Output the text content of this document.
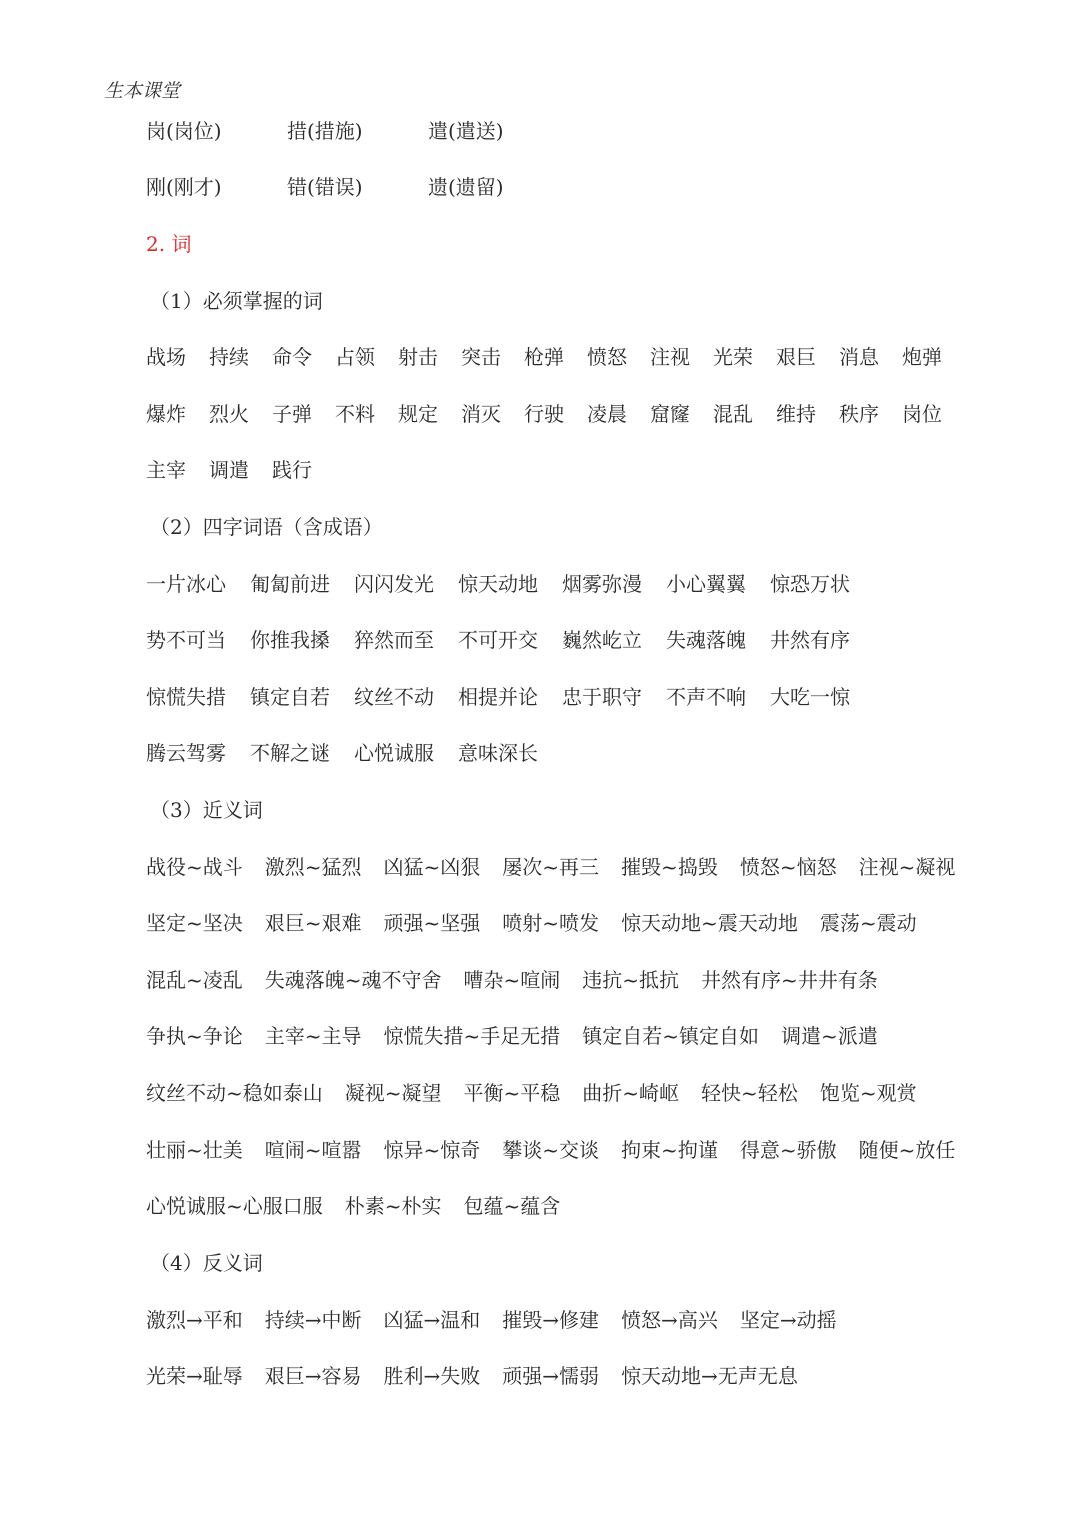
生本课堂
岗(岗位)	措(措施)	遣(遣送)
刚(刚才)	错(错误)	遗(遗留)
2. 词
（1）必须掌握的词
战场 持续 命令 占领 射击 突击 枪弹 愤怒 注视 光荣 艰巨 消息 炮弹
爆炸 烈火 子弹 不料 规定 消灭 行驶 凌晨 窟窿 混乱 维持 秩序 岗位
主宰 调遣 践行
（2）四字词语（含成语）
一片冰心 匍匐前进 闪闪发光 惊天动地 烟雾弥漫 小心翼翼 惊恐万状
势不可当 你推我搡 猝然而至 不可开交 巍然屹立 失魂落魄 井然有序
惊慌失措 镇定自若 纹丝不动 相提并论 忠于职守 不声不响 大吃一惊
腾云驾雾 不解之谜 心悦诚服 意味深长
（3）近义词
战役~战斗 激烈~猛烈 凶猛~凶狠 屡次~再三 摧毁~捣毁 愤怒~恼怒 注视~凝视
坚定~坚决 艰巨~艰难 顽强~坚强 喷射~喷发 惊天动地~震天动地 震荡~震动
混乱~凌乱 失魂落魄~魂不守舍 嘈杂~喧闹 违抗~抵抗 井然有序~井井有条
争执~争论 主宰~主导 惊慌失措~手足无措 镇定自若~镇定自如 调遣~派遣
纹丝不动~稳如泰山 凝视~凝望 平衡~平稳 曲折~崎岖 轻快~轻松 饱览~观赏
壮丽~壮美 喧闹~喧嚣 惊异~惊奇 攀谈~交谈 拘束~拘谨 得意~骄傲 随便~放任
心悦诚服~心服口服 朴素~朴实 包蕴~蕴含
（4）反义词
激烈→平和 持续→中断 凶猛→温和 摧毁→修建 愤怒→高兴 坚定→动摇
光荣→耻辱 艰巨→容易 胜利→失败 顽强→懦弱 惊天动地→无声无息
